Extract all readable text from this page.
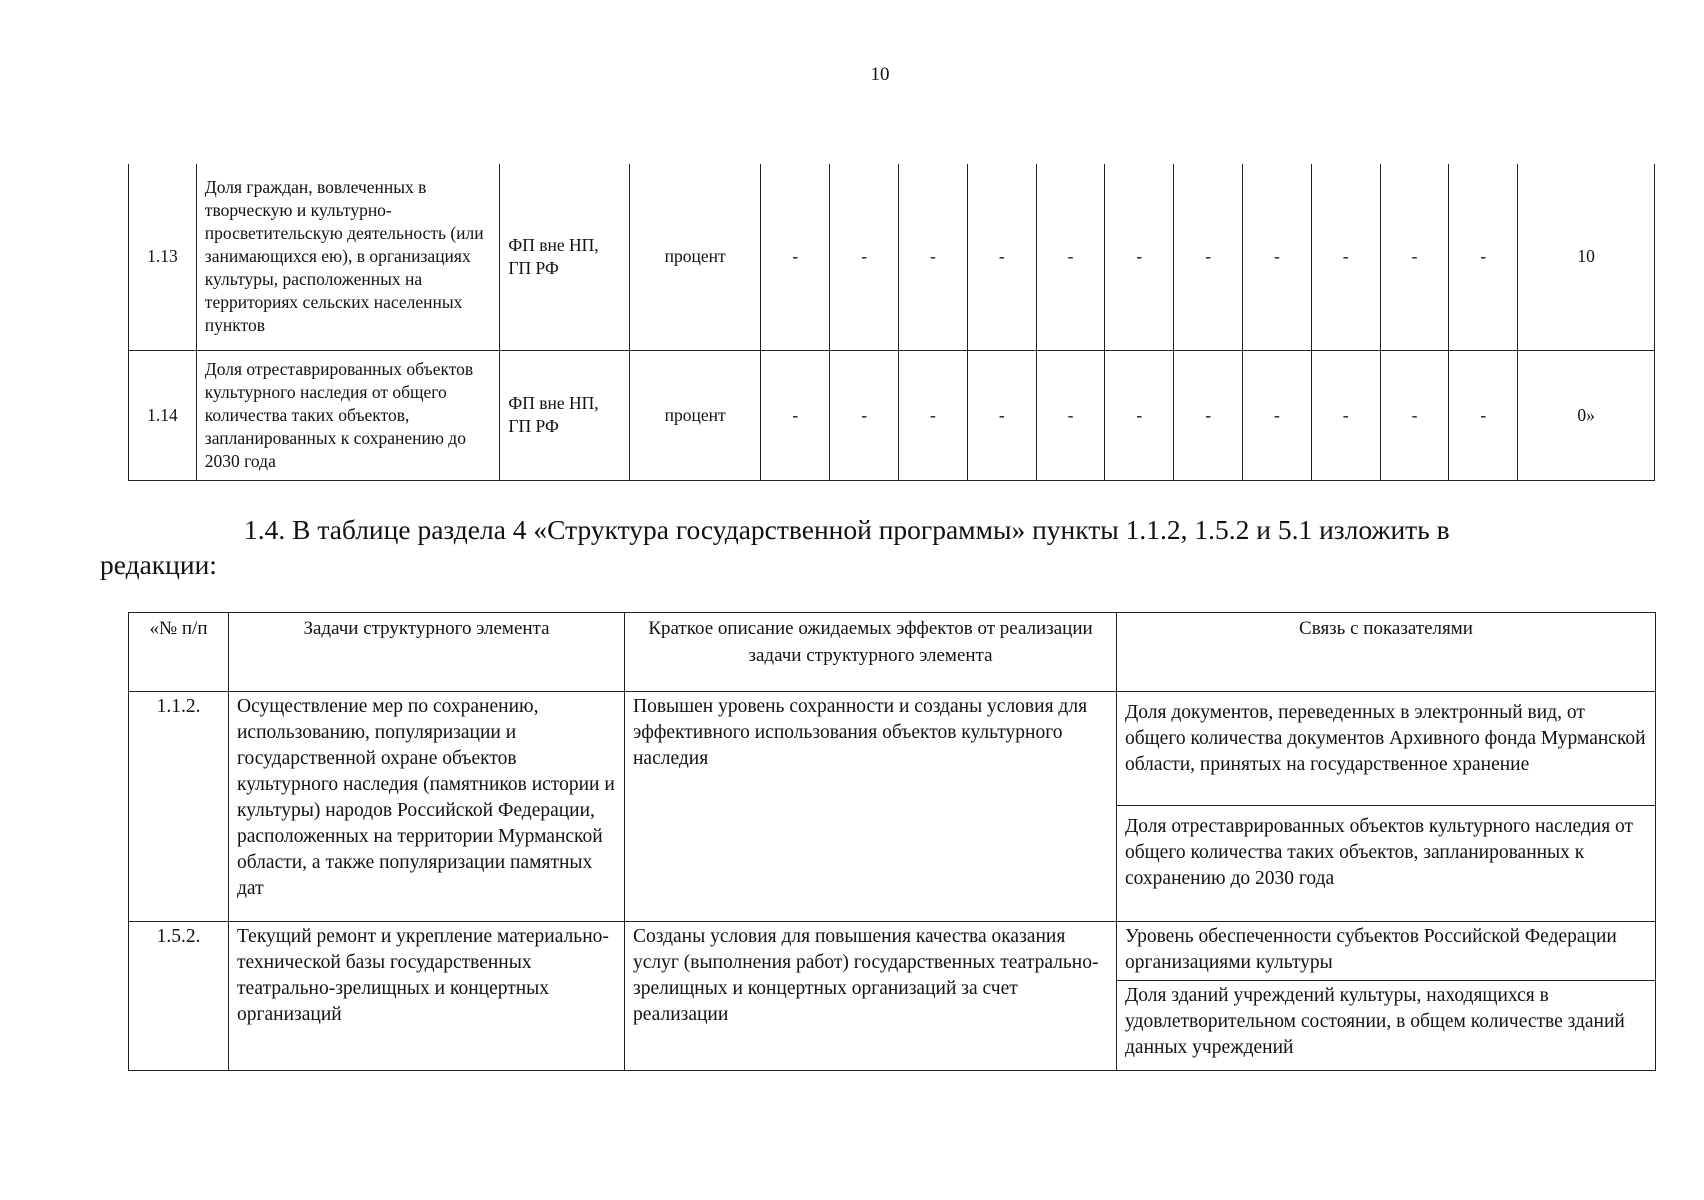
10
1.13	Доля граждан, вовлеченных в творческую и культурно-просветительскую деятельность (или занимающихся ею), в организациях культуры, расположенных на территориях сельских населенных пунктов	ФП вне НП, ГП РФ	процент	-	-	-	-	-	-	-	-	-	-	-	10
1.14	Доля отреставрированных объектов культурного наследия от общего количества таких объектов, запланированных к сохранению до 2030 года	ФП вне НП, ГП РФ	процент	-	-	-	-	-	-	-	-	-	-	-	0»
1.4. В таблице раздела 4 «Структура государственной программы» пункты 1.1.2, 1.5.2 и 5.1 изложить в
редакции:
«№ п/п	Задачи структурного элемента	Краткое описание ожидаемых эффектов от реализации задачи структурного элемента	Связь с показателями
1.1.2.	Осуществление мер по сохранению, использованию, популяризации и государственной охране объектов культурного наследия (памятников истории и культуры) народов Российской Федерации, расположенных на территории Мурманской области, а также популяризации памятных дат	Повышен уровень сохранности и созданы условия для эффективного использования объектов культурного наследия	Доля документов, переведенных в электронный вид, от общего количества документов Архивного фонда Мурманской области, принятых на государственное хранение
			Доля отреставрированных объектов культурного наследия от общего количества таких объектов, запланированных к сохранению до 2030 года
1.5.2.	Текущий ремонт и укрепление материально-технической базы государственных театрально-зрелищных и концертных организаций	Созданы условия для повышения качества оказания услуг (выполнения работ) государственных театрально-зрелищных и концертных организаций за счет реализации	Уровень обеспеченности субъектов Российской Федерации организациями культуры
			Доля зданий учреждений культуры, находящихся в удовлетворительном состоянии, в общем количестве зданий данных учреждений
